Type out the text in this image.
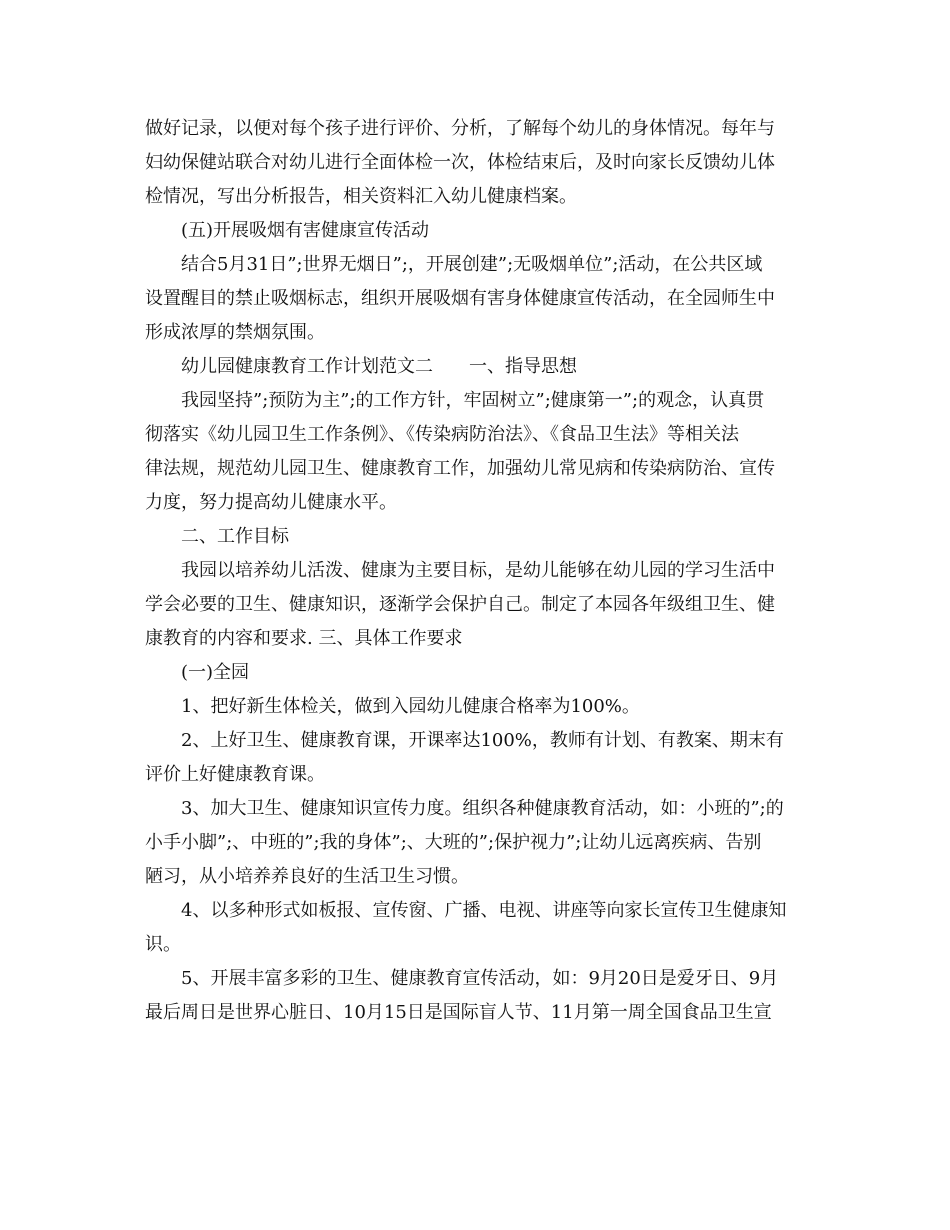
做好记录，以便对每个孩子进行评价、分析，了解每个幼儿的身体情况。每年与
妇幼保健站联合对幼儿进行全面体检一次，体检结束后，及时向家长反馈幼儿体
检情况，写出分析报告，相关资料汇入幼儿健康档案。
(五)开展吸烟有害健康宣传活动
结合5月31日”;世界无烟日”;，开展创建”;无吸烟单位”;活动，在公共区域
设置醒目的禁止吸烟标志，组织开展吸烟有害身体健康宣传活动，在全园师生中
形成浓厚的禁烟氛围。
幼儿园健康教育工作计划范文二　　一、指导思想
我园坚持”;预防为主”;的工作方针，牢固树立”;健康第一”;的观念，认真贯
彻落实《幼儿园卫生工作条例》、《传染病防治法》、《食品卫生法》等相关法
律法规，规范幼儿园卫生、健康教育工作，加强幼儿常见病和传染病防治、宣传
力度，努力提高幼儿健康水平。
二、工作目标
我园以培养幼儿活泼、健康为主要目标，是幼儿能够在幼儿园的学习生活中
学会必要的卫生、健康知识，逐渐学会保护自己。制定了本园各年级组卫生、健
康教育的内容和要求. 三、具体工作要求
(一)全园
1、把好新生体检关，做到入园幼儿健康合格率为100%。
2、上好卫生、健康教育课，开课率达100%，教师有计划、有教案、期末有
评价上好健康教育课。
3、加大卫生、健康知识宣传力度。组织各种健康教育活动，如：小班的”;的
小手小脚”;、中班的”;我的身体”;、大班的”;保护视力”;让幼儿远离疾病、告别
陋习，从小培养养良好的生活卫生习惯。
4、以多种形式如板报、宣传窗、广播、电视、讲座等向家长宣传卫生健康知
识。
5、开展丰富多彩的卫生、健康教育宣传活动，如：9月20日是爱牙日、9月
最后周日是世界心脏日、10月15日是国际盲人节、11月第一周全国食品卫生宣
